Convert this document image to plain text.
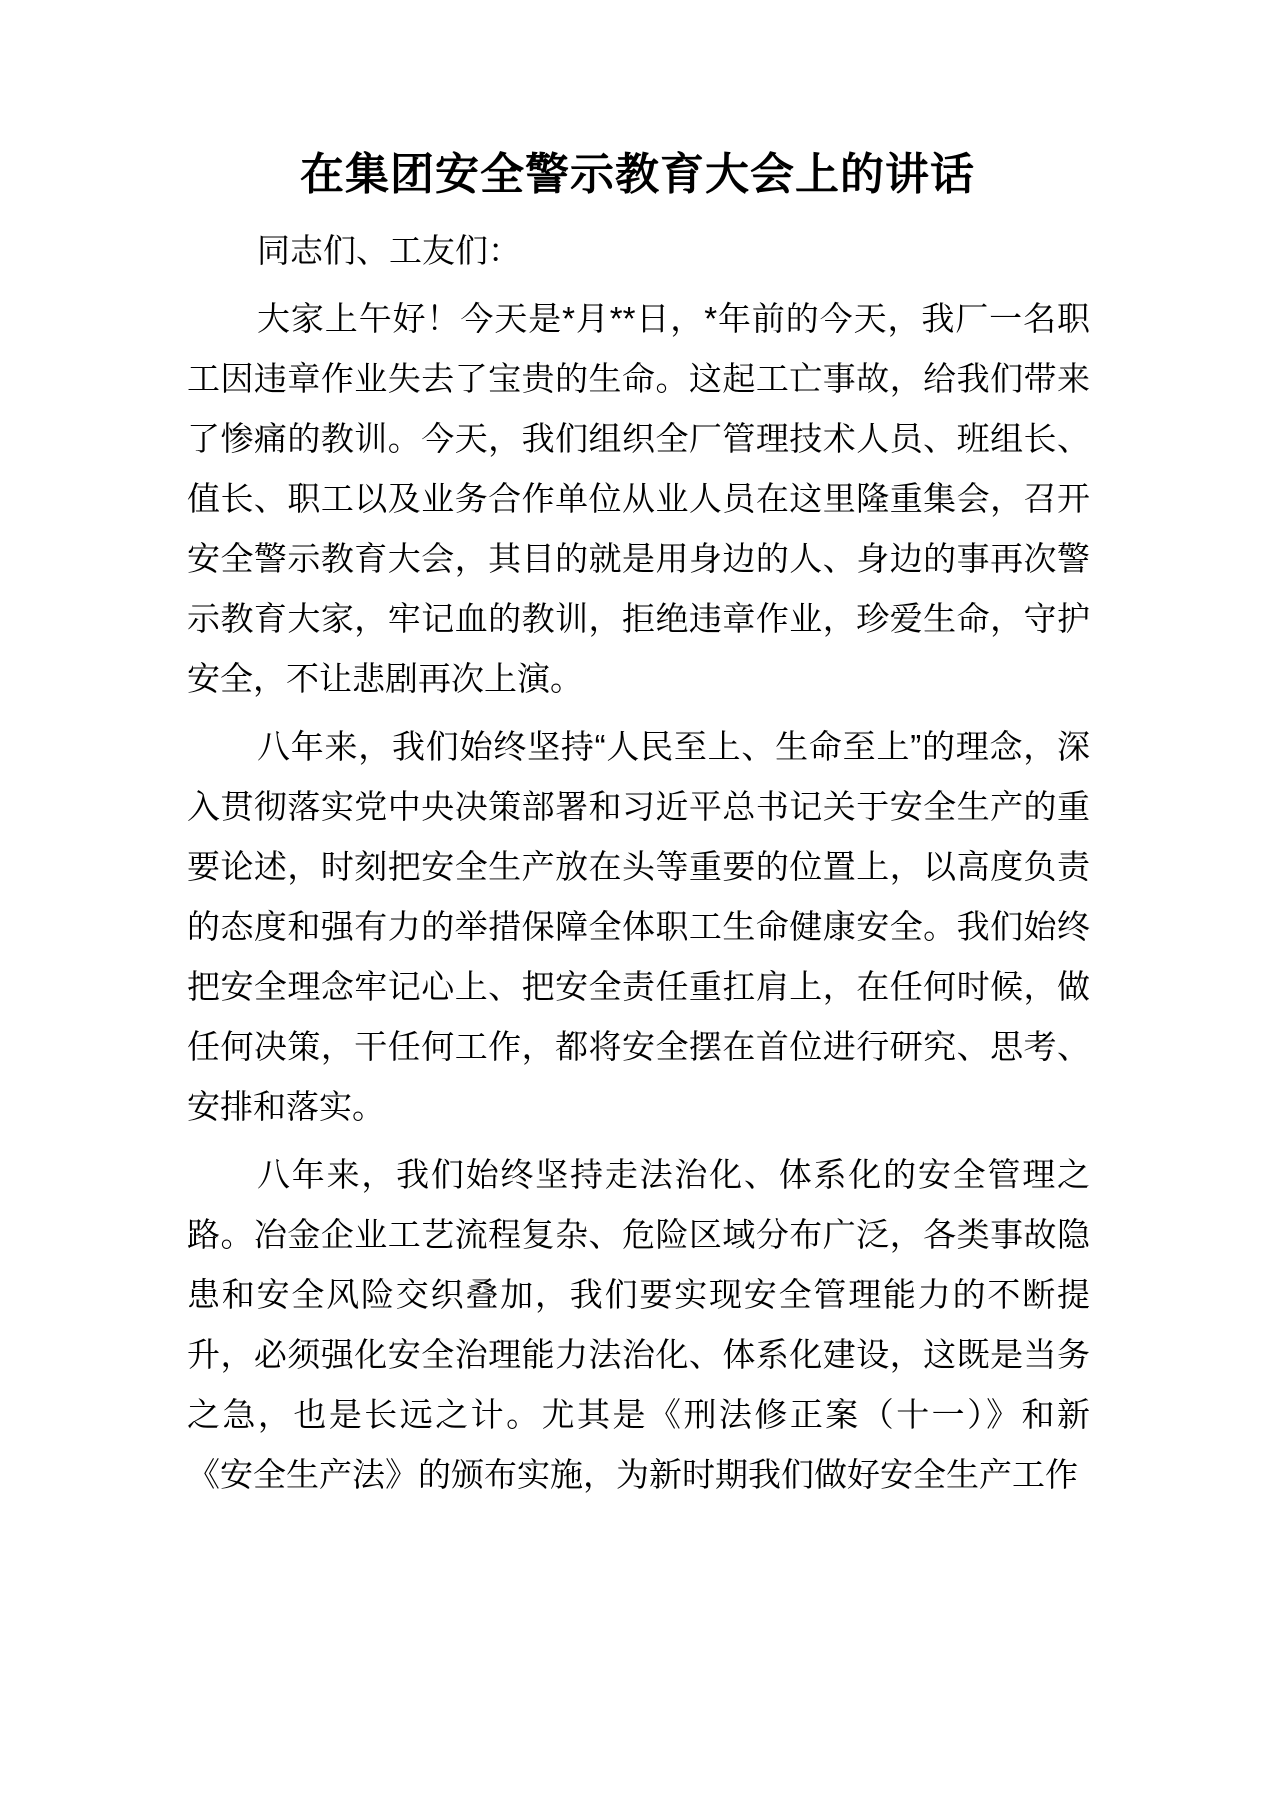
在集团安全警示教育大会上的讲话

同志们、工友们：

大家上午好！今天是*月**日，*年前的今天，我厂一名职工因违章作业失去了宝贵的生命。这起工亡事故，给我们带来了惨痛的教训。今天，我们组织全厂管理技术人员、班组长、值长、职工以及业务合作单位从业人员在这里隆重集会，召开安全警示教育大会，其目的就是用身边的人、身边的事再次警示教育大家，牢记血的教训，拒绝违章作业，珍爱生命，守护安全，不让悲剧再次上演。

八年来，我们始终坚持“人民至上、生命至上”的理念，深入贯彻落实党中央决策部署和习近平总书记关于安全生产的重要论述，时刻把安全生产放在头等重要的位置上，以高度负责的态度和强有力的举措保障全体职工生命健康安全。我们始终把安全理念牢记心上、把安全责任重扛肩上，在任何时候，做任何决策，干任何工作，都将安全摆在首位进行研究、思考、安排和落实。

八年来，我们始终坚持走法治化、体系化的安全管理之路。冶金企业工艺流程复杂、危险区域分布广泛，各类事故隐患和安全风险交织叠加，我们要实现安全管理能力的不断提升，必须强化安全治理能力法治化、体系化建设，这既是当务之急，也是长远之计。尤其是《刑法修正案（十一）》和新《安全生产法》的颁布实施，为新时期我们做好安全生产工作
